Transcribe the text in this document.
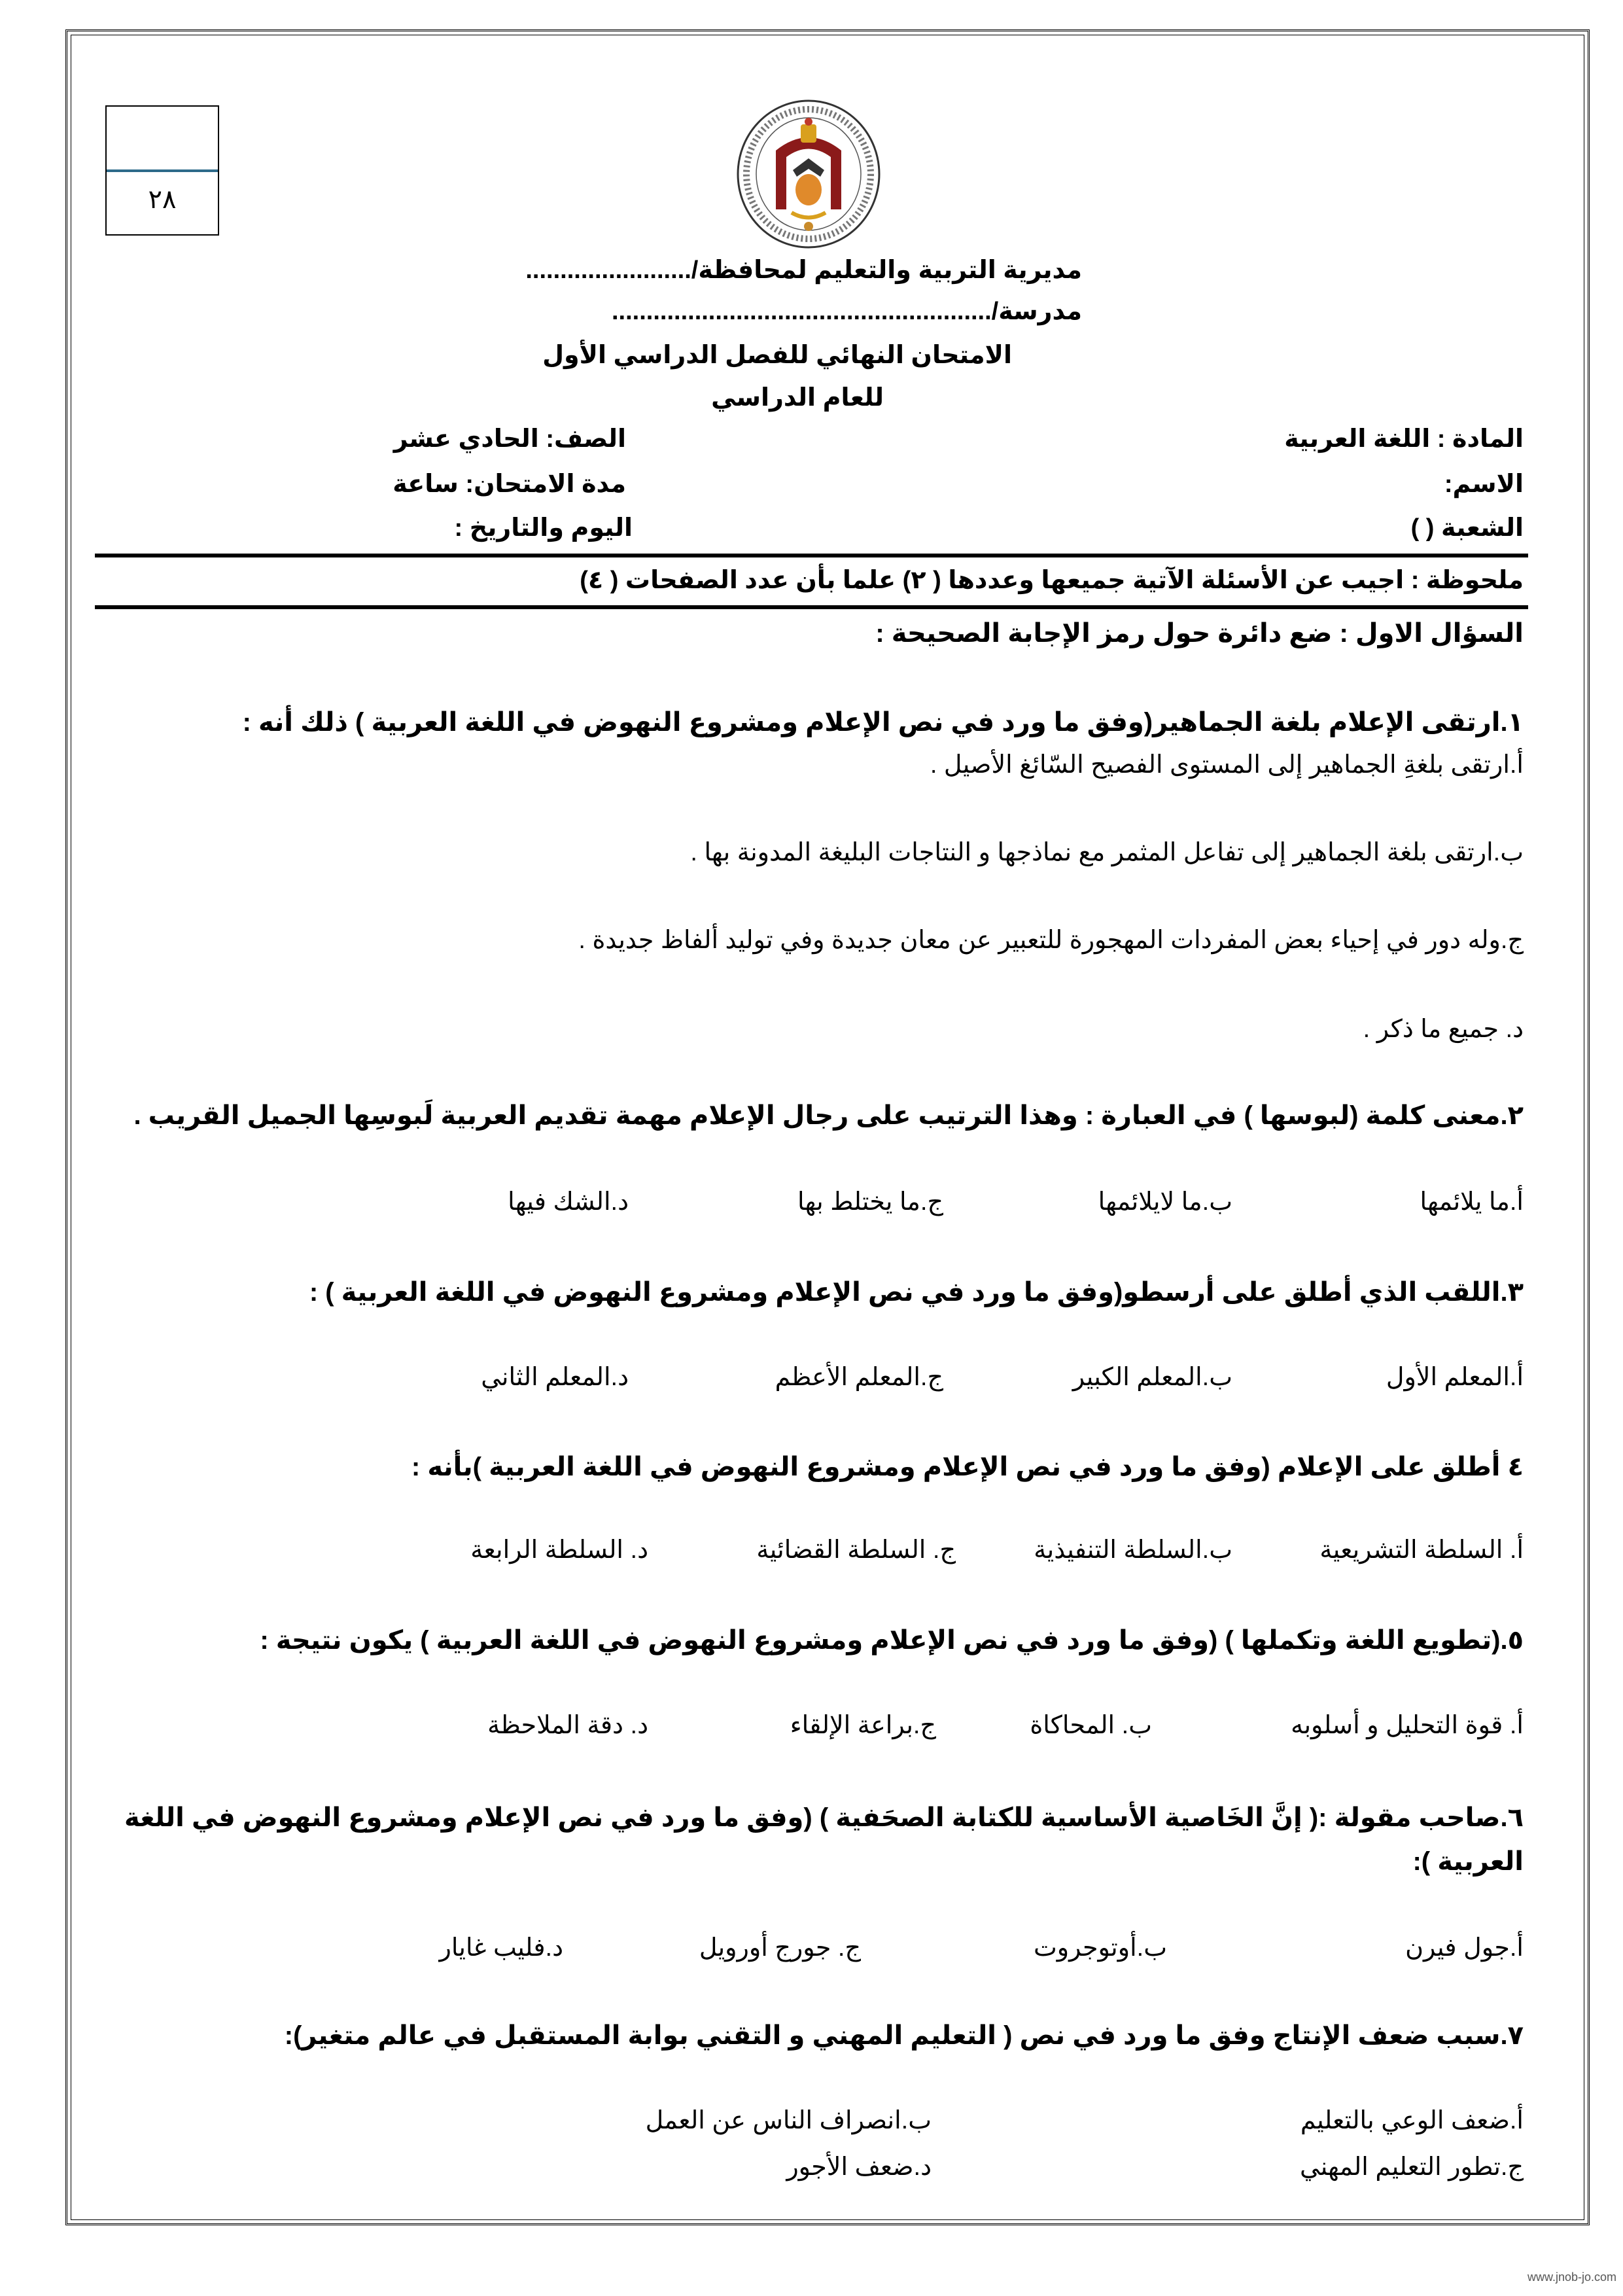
٢٨
مديرية التربية والتعليم لمحافظة/........................
مدرسة/.......................................................
الامتحان النهائي للفصل الدراسي الأول
للعام الدراسي
المادة : اللغة العربية
الصف: الحادي عشر
الاسم:
مدة الامتحان: ساعة
الشعبة ( )
اليوم والتاريخ :
ملحوظة : اجيب عن الأسئلة الآتية جميعها وعددها ( ٢) علما بأن عدد الصفحات ( ٤)
السؤال الاول : ضع دائرة حول رمز الإجابة الصحيحة :
١.ارتقى الإعلام بلغة الجماهير(وفق ما ورد في نص الإعلام ومشروع النهوض في اللغة العربية ) ذلك أنه :
أ.ارتقى بلغةِ الجماهير إلى المستوى الفصيح السّائغ الأصيل .
ب.ارتقى بلغة الجماهير إلى تفاعل المثمر مع نماذجها و النتاجات البليغة المدونة بها .
ج.وله دور في إحياء بعض المفردات المهجورة للتعبير عن معان جديدة وفي توليد ألفاظ جديدة .
د. جميع ما ذكر .
٢.معنى كلمة (لبوسها ) في العبارة : وهذا الترتيب على رجال الإعلام مهمة تقديم العربية لَبوسِها الجميل القريب .
أ.ما يلائمها
ب.ما لايلائمها
ج.ما يختلط بها
د.الشك فيها
٣.اللقب الذي أطلق على أرسطو(وفق ما ورد في نص الإعلام ومشروع النهوض في اللغة العربية ) :
أ.المعلم الأول
ب.المعلم الكبير
ج.المعلم الأعظم
د.المعلم الثاني
٤ أطلق على الإعلام (وفق ما ورد في نص الإعلام ومشروع النهوض في اللغة العربية )بأنه :
أ. السلطة التشريعية
ب.السلطة التنفيذية
ج. السلطة القضائية
د. السلطة الرابعة
٥.(تطويع اللغة وتكملها ) (وفق ما ورد في نص الإعلام ومشروع النهوض في اللغة العربية ) يكون نتيجة :
أ. قوة التحليل و أسلوبه
ب. المحاكاة
ج.براعة الإلقاء
د. دقة الملاحظة
٦.صاحب مقولة :( إنَّ الخَاصية الأساسية للكتابة الصحَفية ) (وفق ما ورد في نص الإعلام ومشروع النهوض في اللغة
العربية ):
أ.جول فيرن
ب.أوتوجروت
ج. جورج أورويل
د.فليب غايار
٧.سبب ضعف الإنتاج وفق ما ورد في نص ( التعليم المهني و التقني بوابة المستقبل في عالم متغير):
أ.ضعف الوعي بالتعليم
ب.انصراف الناس عن العمل
ج.تطور التعليم المهني
د.ضعف الأجور
www.jnob-jo.com
